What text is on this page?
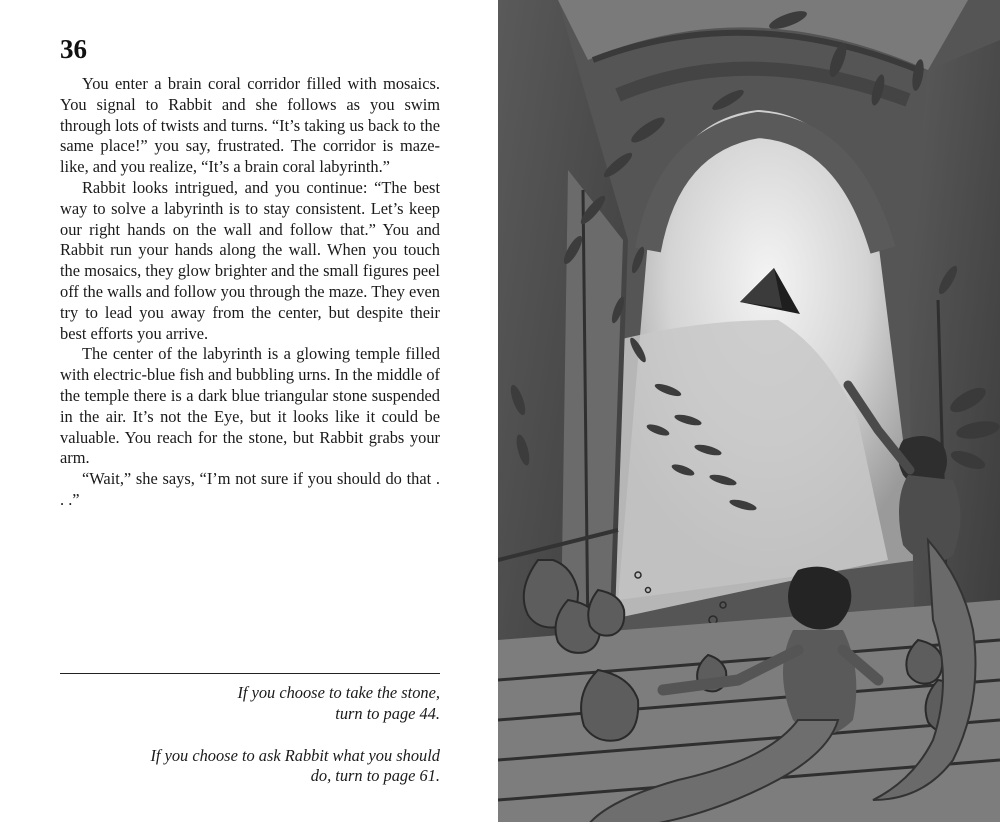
36

You enter a brain coral corridor filled with mosaics. You signal to Rabbit and she follows as you swim through lots of twists and turns. “It’s taking us back to the same place!” you say, frustrated. The corridor is maze-like, and you realize, “It’s a brain coral labyrinth.”

Rabbit looks intrigued, and you continue: “The best way to solve a labyrinth is to stay consistent. Let’s keep our right hands on the wall and follow that.” You and Rabbit run your hands along the wall. When you touch the mosaics, they glow brighter and the small figures peel off the walls and follow you through the maze. They even try to lead you away from the center, but despite their best efforts you arrive.

The center of the labyrinth is a glowing temple filled with electric-blue fish and bubbling urns. In the middle of the temple there is a dark blue triangular stone suspended in the air. It’s not the Eye, but it looks like it could be valuable. You reach for the stone, but Rabbit grabs your arm.

“Wait,” she says, “I’m not sure if you should do that . . .”

If you choose to take the stone,
turn to page 44.
If you choose to ask Rabbit what you should
do, turn to page 61.
